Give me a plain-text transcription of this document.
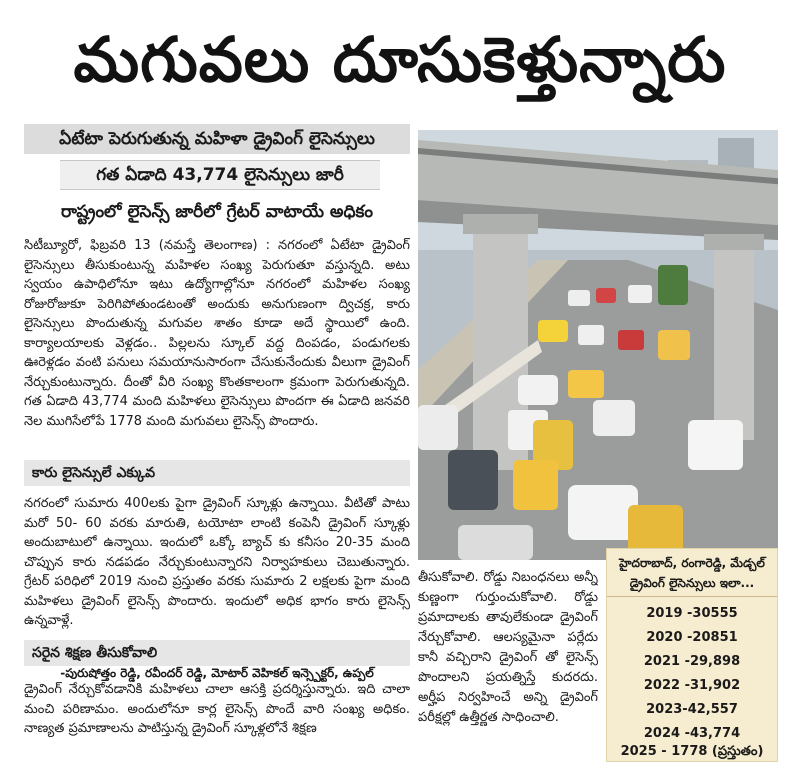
మగువలు దూసుకెళ్తున్నారు
ఏటేటా పెరుగుతున్న మహిళా డ్రైవింగ్ లైసెన్సులు
గత ఏడాది 43,774 లైసెన్సులు జారీ
రాష్ట్రంలో లైసెన్స్ జారీలో గ్రేటర్ వాటాయే అధికం
సిటీబ్యూరో, ఫిబ్రవరి 13 (నమస్తే తెలంగాణ) : నగరంలో ఏటేటా డ్రైవింగ్ లైసెన్సులు తీసుకుంటున్న మహిళల సంఖ్య పెరుగుతూ వస్తున్నది. అటు స్వయం ఉపాధిలోనూ ఇటు ఉద్యోగాల్లోనూ నగరంలో మహిళల సంఖ్య రోజురోజుకూ పెరిగిపోతుండటంతో అందుకు అనుగుణంగా ద్విచక్ర, కారు లైసెన్సులు పొందుతున్న మగువల శాతం కూడా అదే స్థాయిలో ఉంది. కార్యాలయాలకు వెళ్లడం.. పిల్లలను స్కూల్ వద్ద దింపడం, పండుగలకు ఊరెళ్లడం వంటి పనులు సమయానుసారంగా చేసుకునేందుకు వీలుగా డ్రైవింగ్ నేర్చుకుంటున్నారు. దీంతో వీరి సంఖ్య కొంతకాలంగా క్రమంగా పెరుగుతున్నది. గత ఏడాది 43,774 మంది మహిళలు లైసెన్సులు పొందగా ఈ ఏడాది జనవరి నెల ముగిసేలోపే 1778 మంది మగువలు లైసెన్స్ పొందారు.
కారు లైసెన్సులే ఎక్కువ
నగరంలో సుమారు 400లకు పైగా డ్రైవింగ్ స్కూళ్లు ఉన్నాయి. వీటితో పాటు మరో 50- 60 వరకు మారుతి, టయోటా లాంటి కంపెనీ డ్రైవింగ్ స్కూళ్లు అందుబాటులో ఉన్నాయి. ఇందులో ఒక్కో బ్యాచ్ కు కనీసం 20-35 మంది చొప్పున కారు నడపడం నేర్చుకుంటున్నారని నిర్వాహకులు చెబుతున్నారు. గ్రేటర్ పరిధిలో 2019 నుంచి ప్రస్తుతం వరకు సుమారు 2 లక్షలకు పైగా మంది మహిళలు డ్రైవింగ్ లైసెన్స్ పొందారు. ఇందులో అధిక భాగం కారు లైసెన్స్ ఉన్నవాళ్లే.
సరైన శిక్షణ తీసుకోవాలి
-పురుషోత్తం రెడ్డి, రవీందర్ రెడ్డి, మోటార్ వెహికల్ ఇన్స్పెక్టర్, ఉప్పల్
డ్రైవింగ్ నేర్చుకోవడానికి మహిళలు చాలా ఆసక్తి ప్రదర్శిస్తున్నారు. ఇది చాలా మంచి పరిణామం. అందులోనూ కార్ల లైసెన్స్ పొందే వారి సంఖ్య అధికం. నాణ్యత ప్రమాణాలను పాటిస్తున్న డ్రైవింగ్ స్కూళ్లలోనే శిక్షణ
తీసుకోవాలి. రోడ్డు నిబంధనలు అన్నీ కుణ్ణంగా గుర్తుంచుకోవాలి. రోడ్డు ప్రమాదాలకు తావులేకుండా డ్రైవింగ్ నేర్చుకోవాలి. ఆలస్యమైనా పర్లేదు కానీ వచ్చిరాని డ్రైవింగ్ తో లైసెన్స్ పొందాలని ప్రయత్నిస్తే కుదరదు. అర్హీప నిర్వహించే అన్ని డ్రైవింగ్ పరీక్షల్లో ఉత్తీర్ణత సాధించాలి.
హైదరాబాద్, రంగారెడ్డి, మేడ్చల్ డ్రైవింగ్ లైసెన్సులు ఇలా...
2019 -30555
2020 -20851
2021 -29,898
2022 -31,902
2023-42,557
2024 -43,774
2025 - 1778 (ప్రస్తుతం)
